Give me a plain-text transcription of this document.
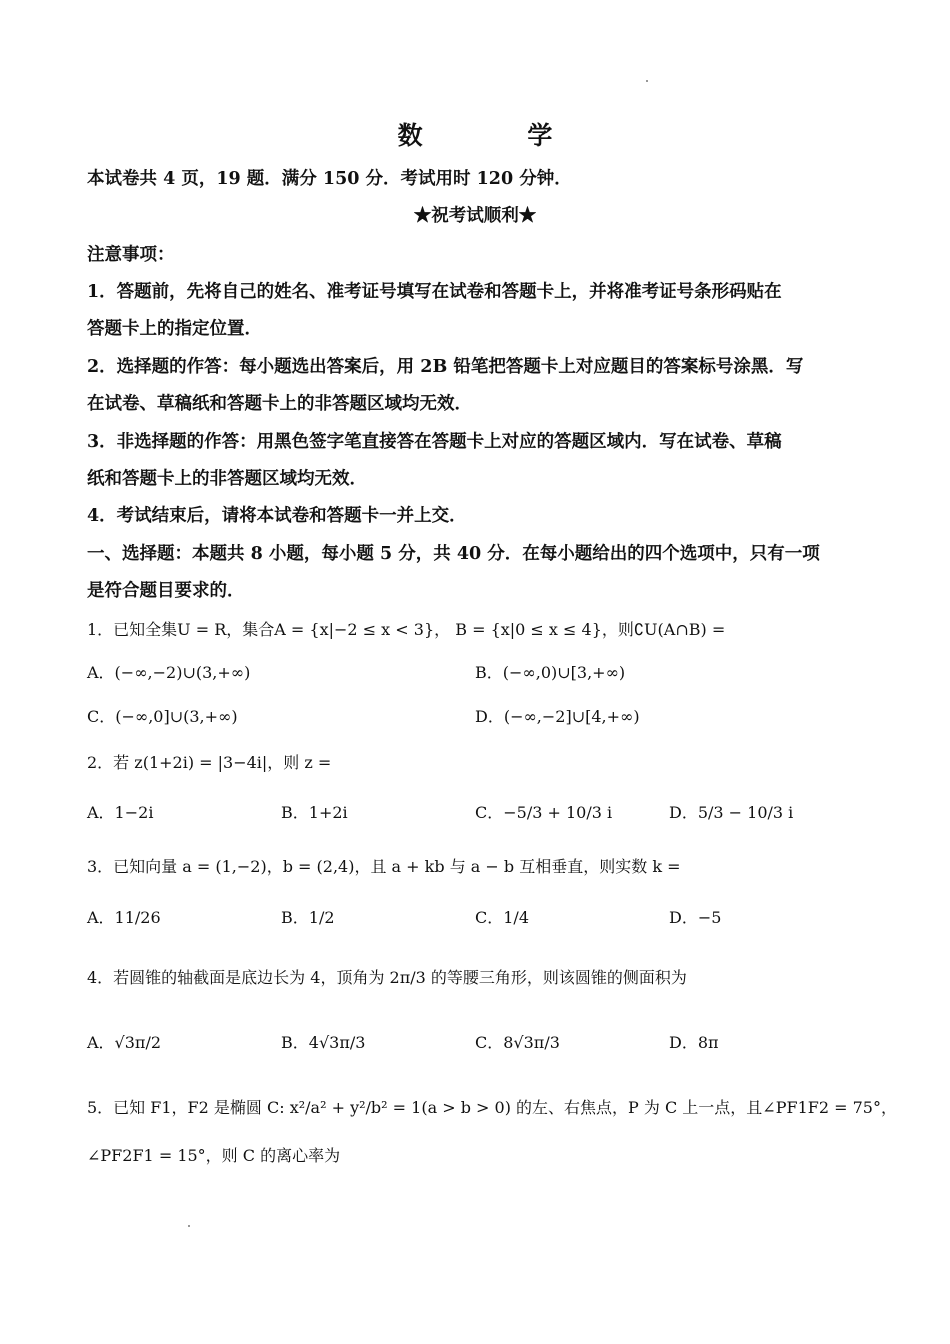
数 学
本试卷共 4 页，19 题．满分 150 分．考试用时 120 分钟．
★祝考试顺利★
注意事项：
1．答题前，先将自己的姓名、准考证号填写在试卷和答题卡上，并将准考证号条形码贴在
答题卡上的指定位置．
2．选择题的作答：每小题选出答案后，用 2B 铅笔把答题卡上对应题目的答案标号涂黑．写
在试卷、草稿纸和答题卡上的非答题区域均无效．
3．非选择题的作答：用黑色签字笔直接答在答题卡上对应的答题区域内．写在试卷、草稿
纸和答题卡上的非答题区域均无效．
4．考试结束后，请将本试卷和答题卡一并上交．
一、选择题：本题共 8 小题，每小题 5 分，共 40 分．在每小题给出的四个选项中，只有一项
是符合题目要求的．
1．已知全集U = R，集合A = {x|−2 ≤ x < 3}， B = {x|0 ≤ x ≤ 4}，则∁U(A∩B) =
A．(−∞,−2)∪(3,+∞)	B．(−∞,0)∪[3,+∞)
C．(−∞,0]∪(3,+∞)	D．(−∞,−2]∪[4,+∞)
2．若 z(1+2i) = |3−4i|，则 z =
A．1−2i	B．1+2i	C．−5/3 + 10/3 i	D．5/3 − 10/3 i
3．已知向量 a = (1,−2)，b = (2,4)，且 a + kb 与 a − b 互相垂直，则实数 k =
A．11/26	B．1/2	C．1/4	D．−5
4．若圆锥的轴截面是底边长为 4，顶角为 2π/3 的等腰三角形，则该圆锥的侧面积为
A．√3π/2	B．4√3π/3	C．8√3π/3	D．8π
5．已知 F1，F2 是椭圆 C: x²/a² + y²/b² = 1(a > b > 0) 的左、右焦点，P 为 C 上一点，且∠PF1F2 = 75°，
∠PF2F1 = 15°，则 C 的离心率为
